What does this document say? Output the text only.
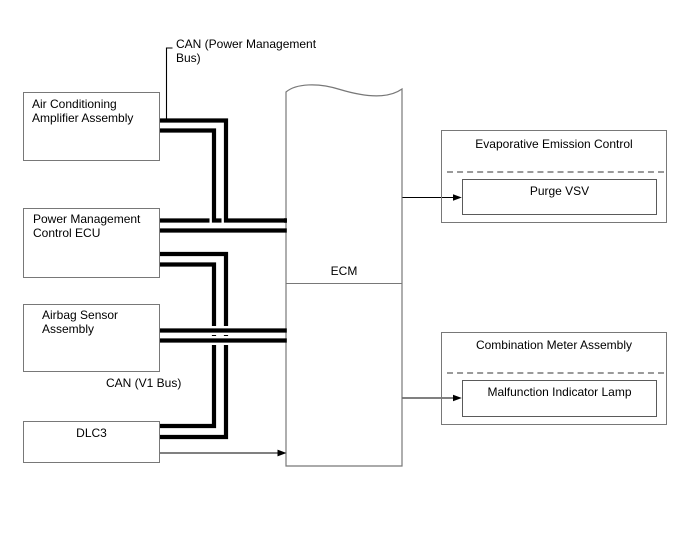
CAN (Power Management Bus)
CAN (V1 Bus)
Air Conditioning Amplifier Assembly
Power Management Control ECU
Airbag Sensor Assembly
DLC3
ECM
Evaporative Emission Control
Purge VSV
Combination Meter Assembly
Malfunction Indicator Lamp
